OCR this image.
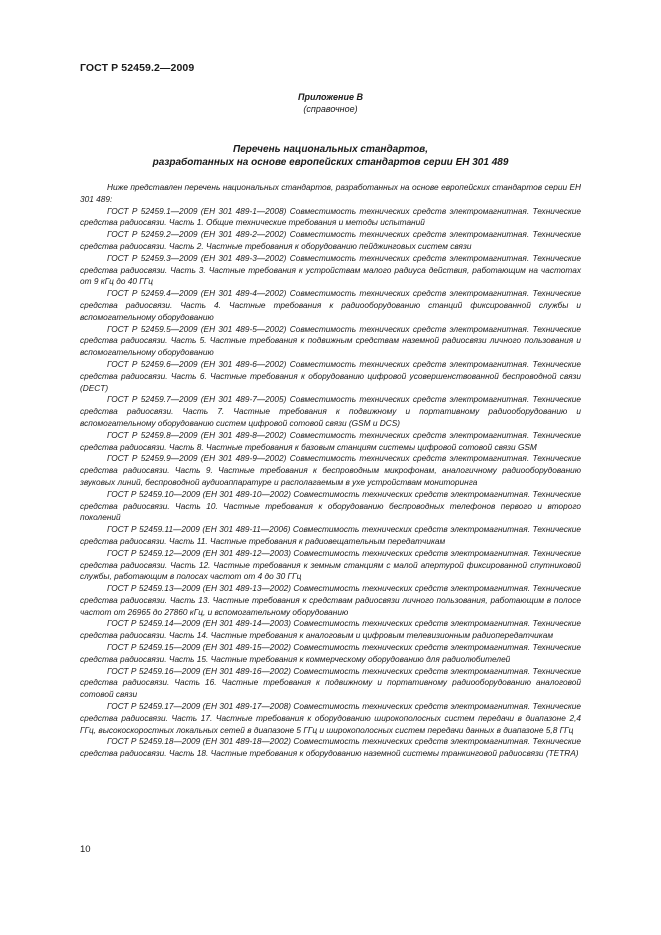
ГОСТ Р 52459.2—2009
Приложение В
(справочное)
Перечень национальных стандартов,
разработанных на основе европейских стандартов серии ЕН 301 489

Ниже представлен перечень национальных стандартов, разработанных на основе европейских стандартов серии ЕН 301 489:

ГОСТ Р 52459.1—2009 (ЕН 301 489-1—2008) Совместимость технических средств электромагнитная. Технические средства радиосвязи. Часть 1. Общие технические требования и методы испытаний

ГОСТ Р 52459.2—2009 (ЕН 301 489-2—2002) Совместимость технических средств электромагнитная. Технические средства радиосвязи. Часть 2. Частные требования к оборудованию пейджинговых систем связи

ГОСТ Р 52459.3—2009 (ЕН 301 489-3—2002) Совместимость технических средств электромагнитная. Технические средства радиосвязи. Часть 3. Частные требования к устройствам малого радиуса действия, работающим на частотах от 9 кГц до 40 ГГц

ГОСТ Р 52459.4—2009 (ЕН 301 489-4—2002) Совместимость технических средств электромагнитная. Технические средства радиосвязи. Часть 4. Частные требования к радиооборудованию станций фиксированной службы и вспомогательному оборудованию

ГОСТ Р 52459.5—2009 (ЕН 301 489-5—2002) Совместимость технических средств электромагнитная. Технические средства радиосвязи. Часть 5. Частные требования к подвижным средствам наземной радиосвязи личного пользования и вспомогательному оборудованию

ГОСТ Р 52459.6—2009 (ЕН 301 489-6—2002) Совместимость технических средств электромагнитная. Технические средства радиосвязи. Часть 6. Частные требования к оборудованию цифровой усовершенствованной беспроводной связи (DECT)

ГОСТ Р 52459.7—2009 (ЕН 301 489-7—2005) Совместимость технических средств электромагнитная. Технические средства радиосвязи. Часть 7. Частные требования к подвижному и портативному радиооборудованию и вспомогательному оборудованию систем цифровой сотовой связи (GSM и DCS)

ГОСТ Р 52459.8—2009 (ЕН 301 489-8—2002) Совместимость технических средств электромагнитная. Технические средства радиосвязи. Часть 8. Частные требования к базовым станциям системы цифровой сотовой связи GSM

ГОСТ Р 52459.9—2009 (ЕН 301 489-9—2002) Совместимость технических средств электромагнитная. Технические средства радиосвязи. Часть 9. Частные требования к беспроводным микрофонам, аналогичному радиооборудованию звуковых линий, беспроводной аудиоаппаратуре и располагаемым в ухе устройствам мониторинга

ГОСТ Р 52459.10—2009 (ЕН 301 489-10—2002) Совместимость технических средств электромагнитная. Технические средства радиосвязи. Часть 10. Частные требования к оборудованию беспроводных телефонов первого и второго поколений

ГОСТ Р 52459.11—2009 (ЕН 301 489-11—2006) Совместимость технических средств электромагнитная. Технические средства радиосвязи. Часть 11. Частные требования к радиовещательным передатчикам

ГОСТ Р 52459.12—2009 (ЕН 301 489-12—2003) Совместимость технических средств электромагнитная. Технические средства радиосвязи. Часть 12. Частные требования к земным станциям с малой апертурой фиксированной спутниковой службы, работающим в полосах частот от 4 до 30 ГГц

ГОСТ Р 52459.13—2009 (ЕН 301 489-13—2002) Совместимость технических средств электромагнитная. Технические средства радиосвязи. Часть 13. Частные требования к средствам радиосвязи личного пользования, работающим в полосе частот от 26965 до 27860 кГц, и вспомогательному оборудованию

ГОСТ Р 52459.14—2009 (ЕН 301 489-14—2003) Совместимость технических средств электромагнитная. Технические средства радиосвязи. Часть 14. Частные требования к аналоговым и цифровым телевизионным радиопередатчикам

ГОСТ Р 52459.15—2009 (ЕН 301 489-15—2002) Совместимость технических средств электромагнитная. Технические средства радиосвязи. Часть 15. Частные требования к коммерческому оборудованию для радиолюбителей

ГОСТ Р 52459.16—2009 (ЕН 301 489-16—2002) Совместимость технических средств электромагнитная. Технические средства радиосвязи. Часть 16. Частные требования к подвижному и портативному радиооборудованию аналоговой сотовой связи

ГОСТ Р 52459.17—2009 (ЕН 301 489-17—2008) Совместимость технических средств электромагнитная. Технические средства радиосвязи. Часть 17. Частные требования к оборудованию широкополосных систем передачи в диапазоне 2,4 ГГц, высокоскоростных локальных сетей в диапазоне 5 ГГц и широкополосных систем передачи данных в диапазоне 5,8 ГГц

ГОСТ Р 52459.18—2009 (ЕН 301 489-18—2002) Совместимость технических средств электромагнитная. Технические средства радиосвязи. Часть 18. Частные требования к оборудованию наземной системы транкинговой радиосвязи (TETRA)

10
